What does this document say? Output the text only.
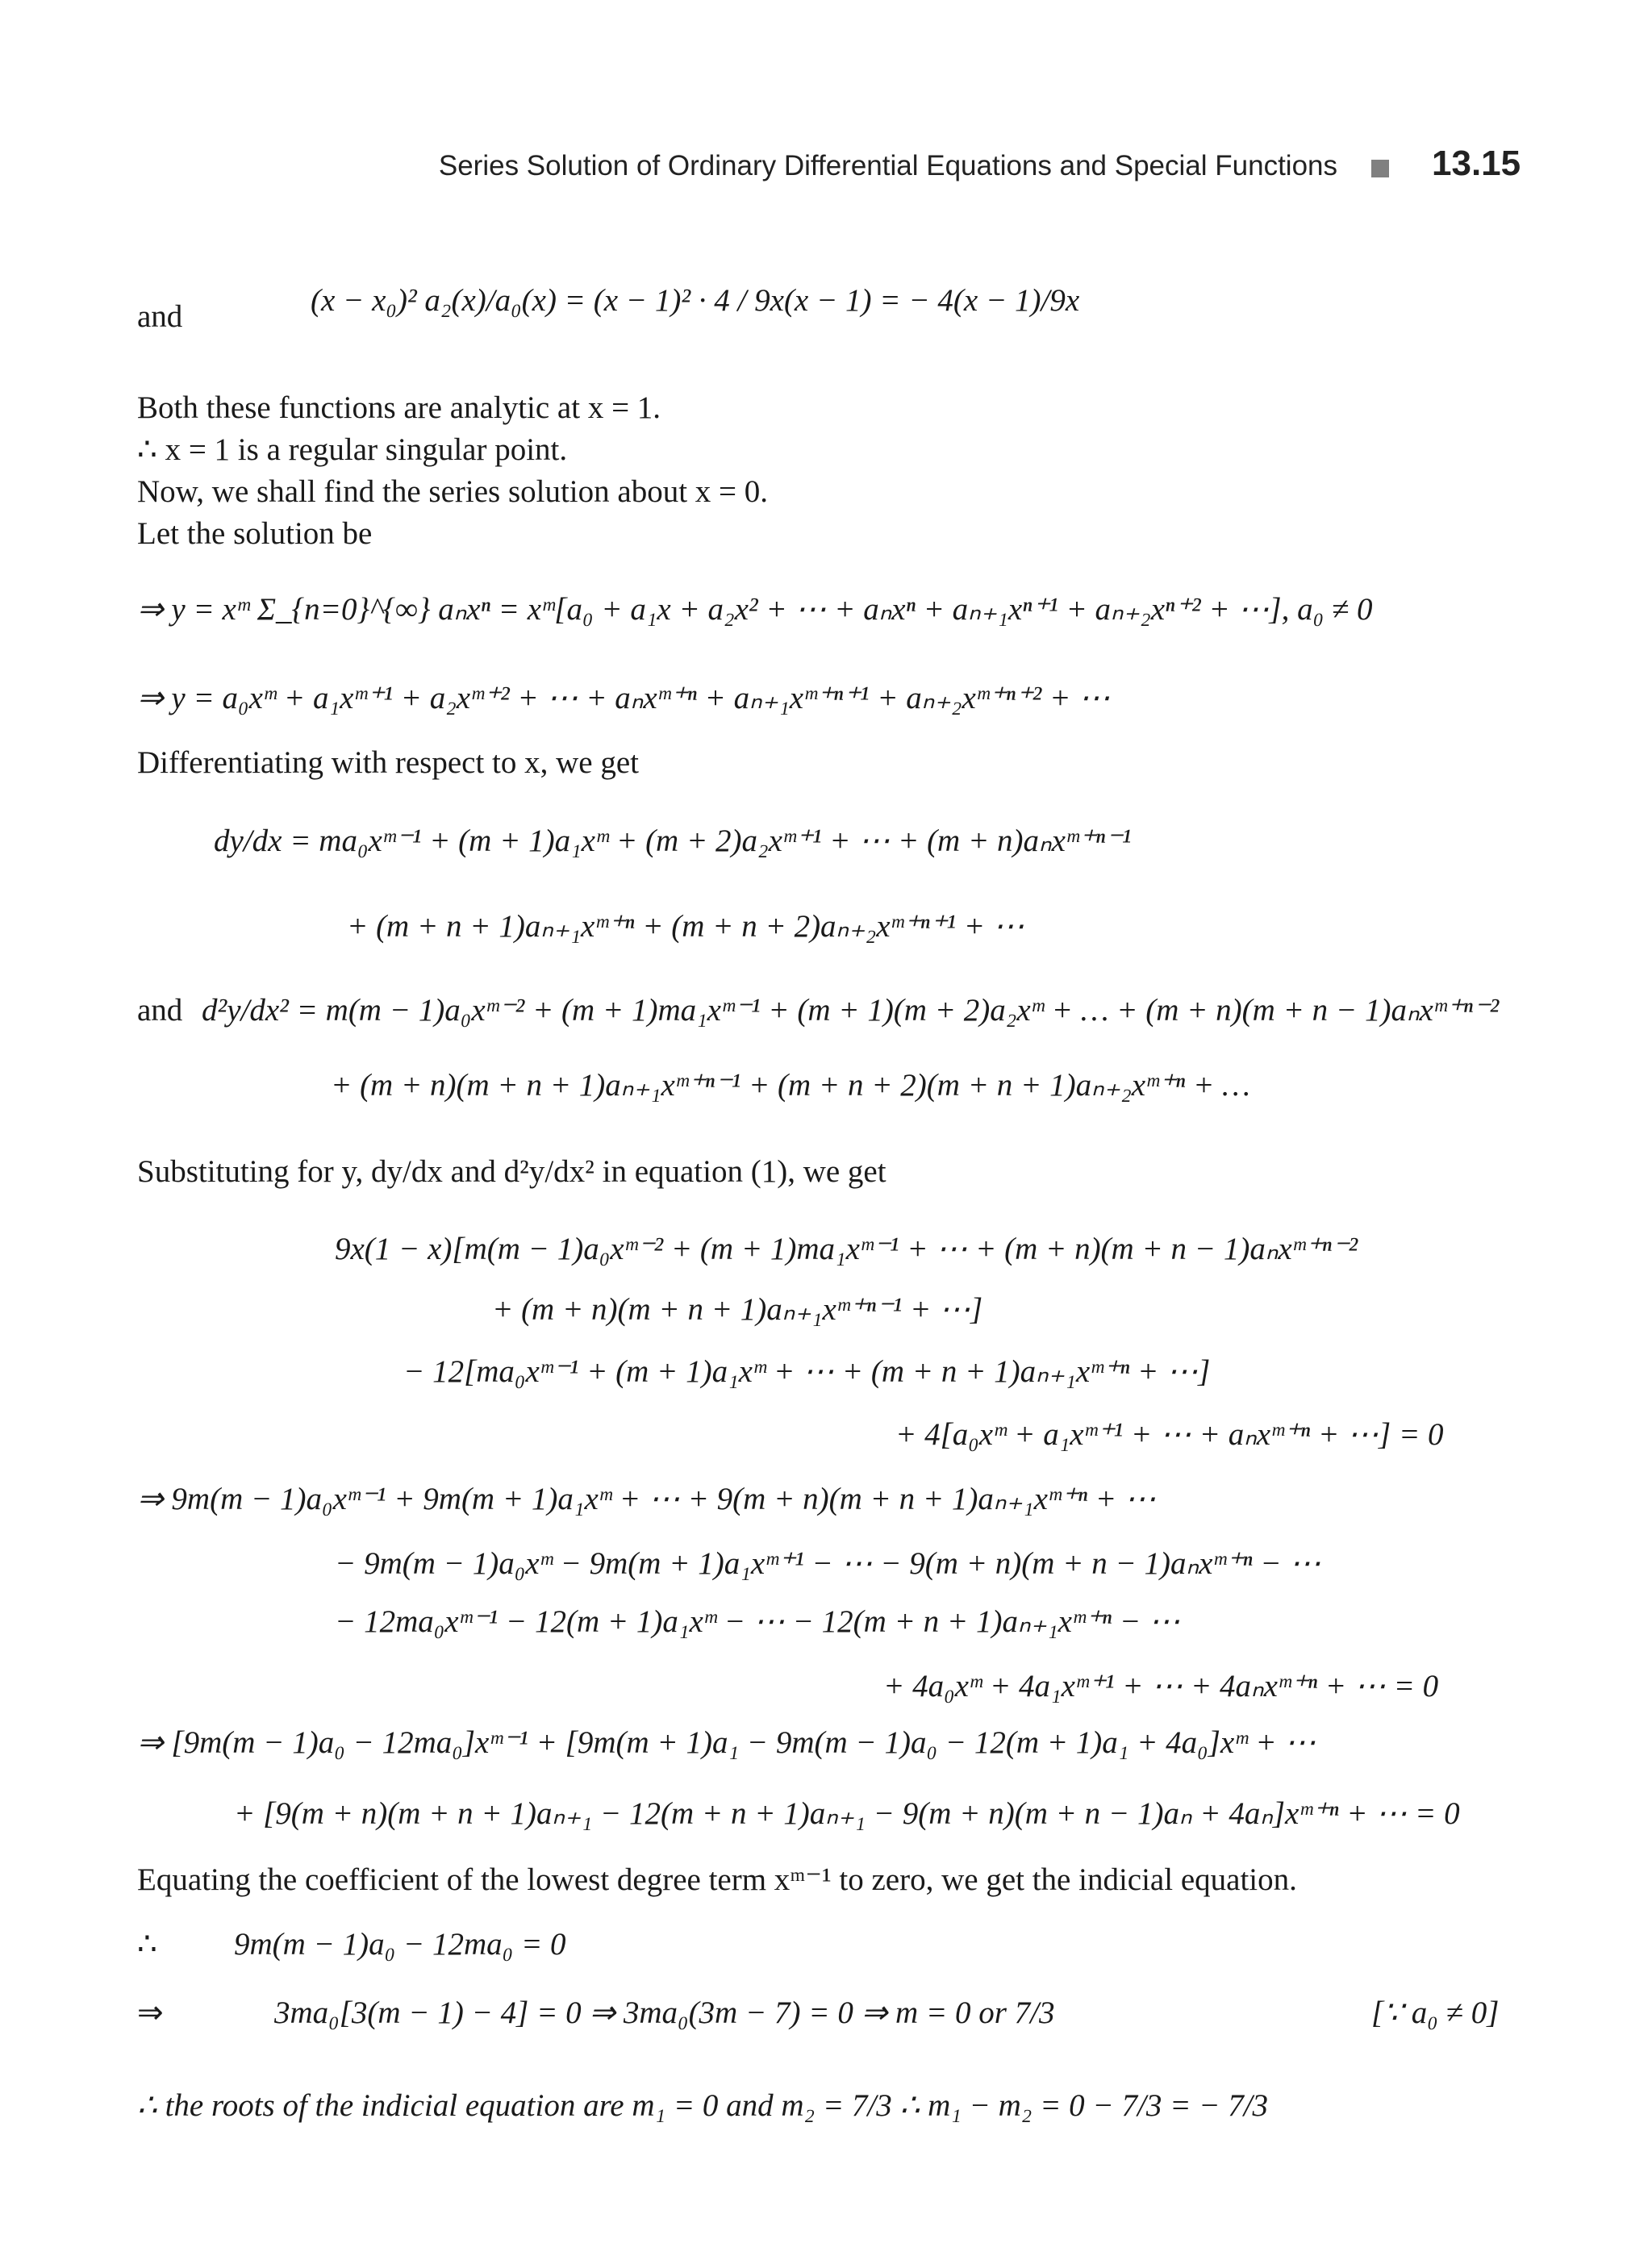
Series Solution of Ordinary Differential Equations and Special Functions	13.15
and	(x − x₀)² a₂(x)/a₀(x) = (x − 1)² · 4 / 9x(x − 1) = − 4(x − 1)/9x
Both these functions are analytic at x = 1.
∴ x = 1 is a regular singular point.
Now, we shall find the series solution about x = 0.
Let the solution be
⇒ y = xᵐ Σ_{n=0}^{∞} aₙxⁿ = xᵐ[a₀ + a₁x + a₂x² + ⋯ + aₙxⁿ + aₙ₊₁xⁿ⁺¹ + aₙ₊₂xⁿ⁺² + ⋯], a₀ ≠ 0
⇒ y = a₀xᵐ + a₁xᵐ⁺¹ + a₂xᵐ⁺² + ⋯ + aₙxᵐ⁺ⁿ + aₙ₊₁xᵐ⁺ⁿ⁺¹ + aₙ₊₂xᵐ⁺ⁿ⁺² + ⋯
Differentiating with respect to x, we get
dy/dx = ma₀xᵐ⁻¹ + (m + 1)a₁xᵐ + (m + 2)a₂xᵐ⁺¹ + ⋯ + (m + n)aₙxᵐ⁺ⁿ⁻¹
+ (m + n + 1)aₙ₊₁xᵐ⁺ⁿ + (m + n + 2)aₙ₊₂xᵐ⁺ⁿ⁺¹ + ⋯
and d²y/dx² = m(m − 1)a₀xᵐ⁻² + (m + 1)ma₁xᵐ⁻¹ + (m + 1)(m + 2)a₂xᵐ + … + (m + n)(m + n − 1)aₙxᵐ⁺ⁿ⁻²
+ (m + n)(m + n + 1)aₙ₊₁xᵐ⁺ⁿ⁻¹ + (m + n + 2)(m + n + 1)aₙ₊₂xᵐ⁺ⁿ + …
Substituting for y, dy/dx and d²y/dx² in equation (1), we get
9x(1 − x)[m(m − 1)a₀xᵐ⁻² + (m + 1)ma₁xᵐ⁻¹ + ⋯ + (m + n)(m + n − 1)aₙxᵐ⁺ⁿ⁻²
+ (m + n)(m + n + 1)aₙ₊₁xᵐ⁺ⁿ⁻¹ + ⋯]
− 12[ma₀xᵐ⁻¹ + (m + 1)a₁xᵐ + ⋯ + (m + n + 1)aₙ₊₁xᵐ⁺ⁿ + ⋯]
+ 4[a₀xᵐ + a₁xᵐ⁺¹ + ⋯ + aₙxᵐ⁺ⁿ + ⋯] = 0
⇒ 9m(m − 1)a₀xᵐ⁻¹ + 9m(m + 1)a₁xᵐ + ⋯ + 9(m + n)(m + n + 1)aₙ₊₁xᵐ⁺ⁿ + ⋯
− 9m(m − 1)a₀xᵐ − 9m(m + 1)a₁xᵐ⁺¹ − ⋯ − 9(m + n)(m + n − 1)aₙxᵐ⁺ⁿ − ⋯
− 12ma₀xᵐ⁻¹ − 12(m + 1)a₁xᵐ − ⋯ − 12(m + n + 1)aₙ₊₁xᵐ⁺ⁿ − ⋯
+ 4a₀xᵐ + 4a₁xᵐ⁺¹ + ⋯ + 4aₙxᵐ⁺ⁿ + ⋯ = 0
⇒ [9m(m − 1)a₀ − 12ma₀]xᵐ⁻¹ + [9m(m + 1)a₁ − 9m(m − 1)a₀ − 12(m + 1)a₁ + 4a₀]xᵐ + ⋯
+ [9(m + n)(m + n + 1)aₙ₊₁ − 12(m + n + 1)aₙ₊₁ − 9(m + n)(m + n − 1)aₙ + 4aₙ]xᵐ⁺ⁿ + ⋯ = 0
Equating the coefficient of the lowest degree term xᵐ⁻¹ to zero, we get the indicial equation.
∴ 9m(m − 1)a₀ − 12ma₀ = 0
⇒	3ma₀[3(m − 1) − 4] = 0 ⇒ 3ma₀(3m − 7) = 0 ⇒ m = 0 or 7/3	[∵ a₀ ≠ 0]
∴ the roots of the indicial equation are m₁ = 0 and m₂ = 7/3 ∴ m₁ − m₂ = 0 − 7/3 = − 7/3
